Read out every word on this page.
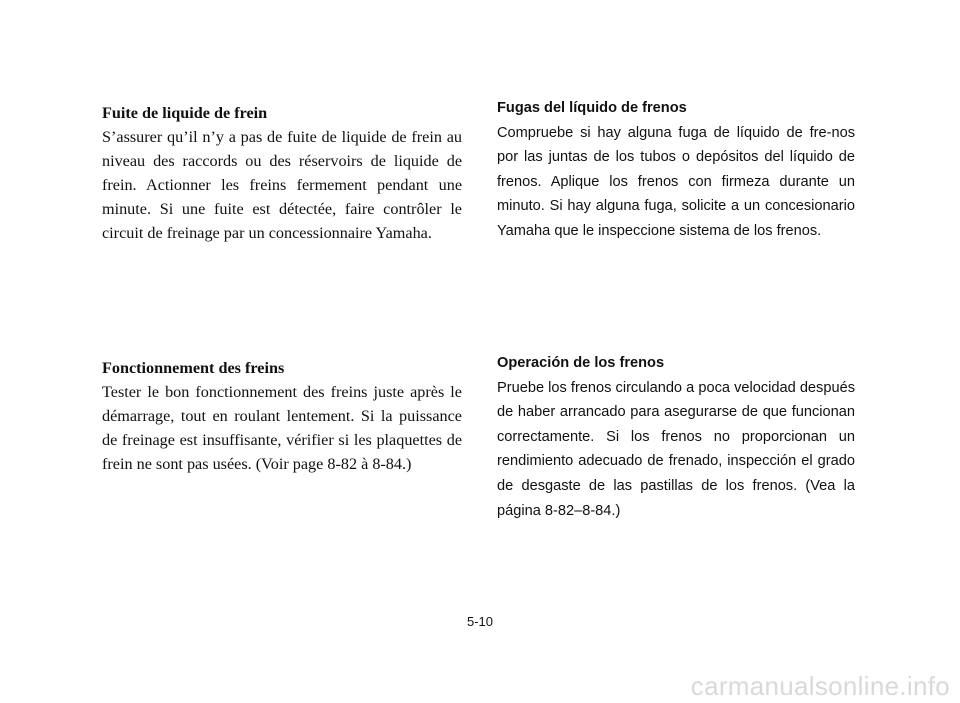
Fuite de liquide de frein

S’assurer qu’il n’y a pas de fuite de liquide de frein au niveau des raccords ou des réservoirs de liquide de frein. Actionner les freins fermement pendant une minute. Si une fuite est détectée, faire contrôler le circuit de freinage par un concessionnaire Yamaha.

Fonctionnement des freins

Tester le bon fonctionnement des freins juste après le démarrage, tout en roulant lentement. Si la puissance de freinage est insuffisante, vérifier si les plaquettes de frein ne sont pas usées. (Voir page 8-82 à 8-84.)

Fugas del líquido de frenos

Compruebe si hay alguna fuga de líquido de fre-nos por las juntas de los tubos o depósitos del líquido de frenos. Aplique los frenos con firmeza durante un minuto. Si hay alguna fuga, solicite a un concesionario Yamaha que le inspeccione sistema de los frenos.

Operación de los frenos

Pruebe los frenos circulando a poca velocidad después de haber arrancado para asegurarse de que funcionan correctamente. Si los frenos no proporcionan un rendimiento adecuado de frenado, inspección el grado de desgaste de las pastillas de los frenos. (Vea la página 8-82–8-84.)

5-10
carmanualsonline.info
